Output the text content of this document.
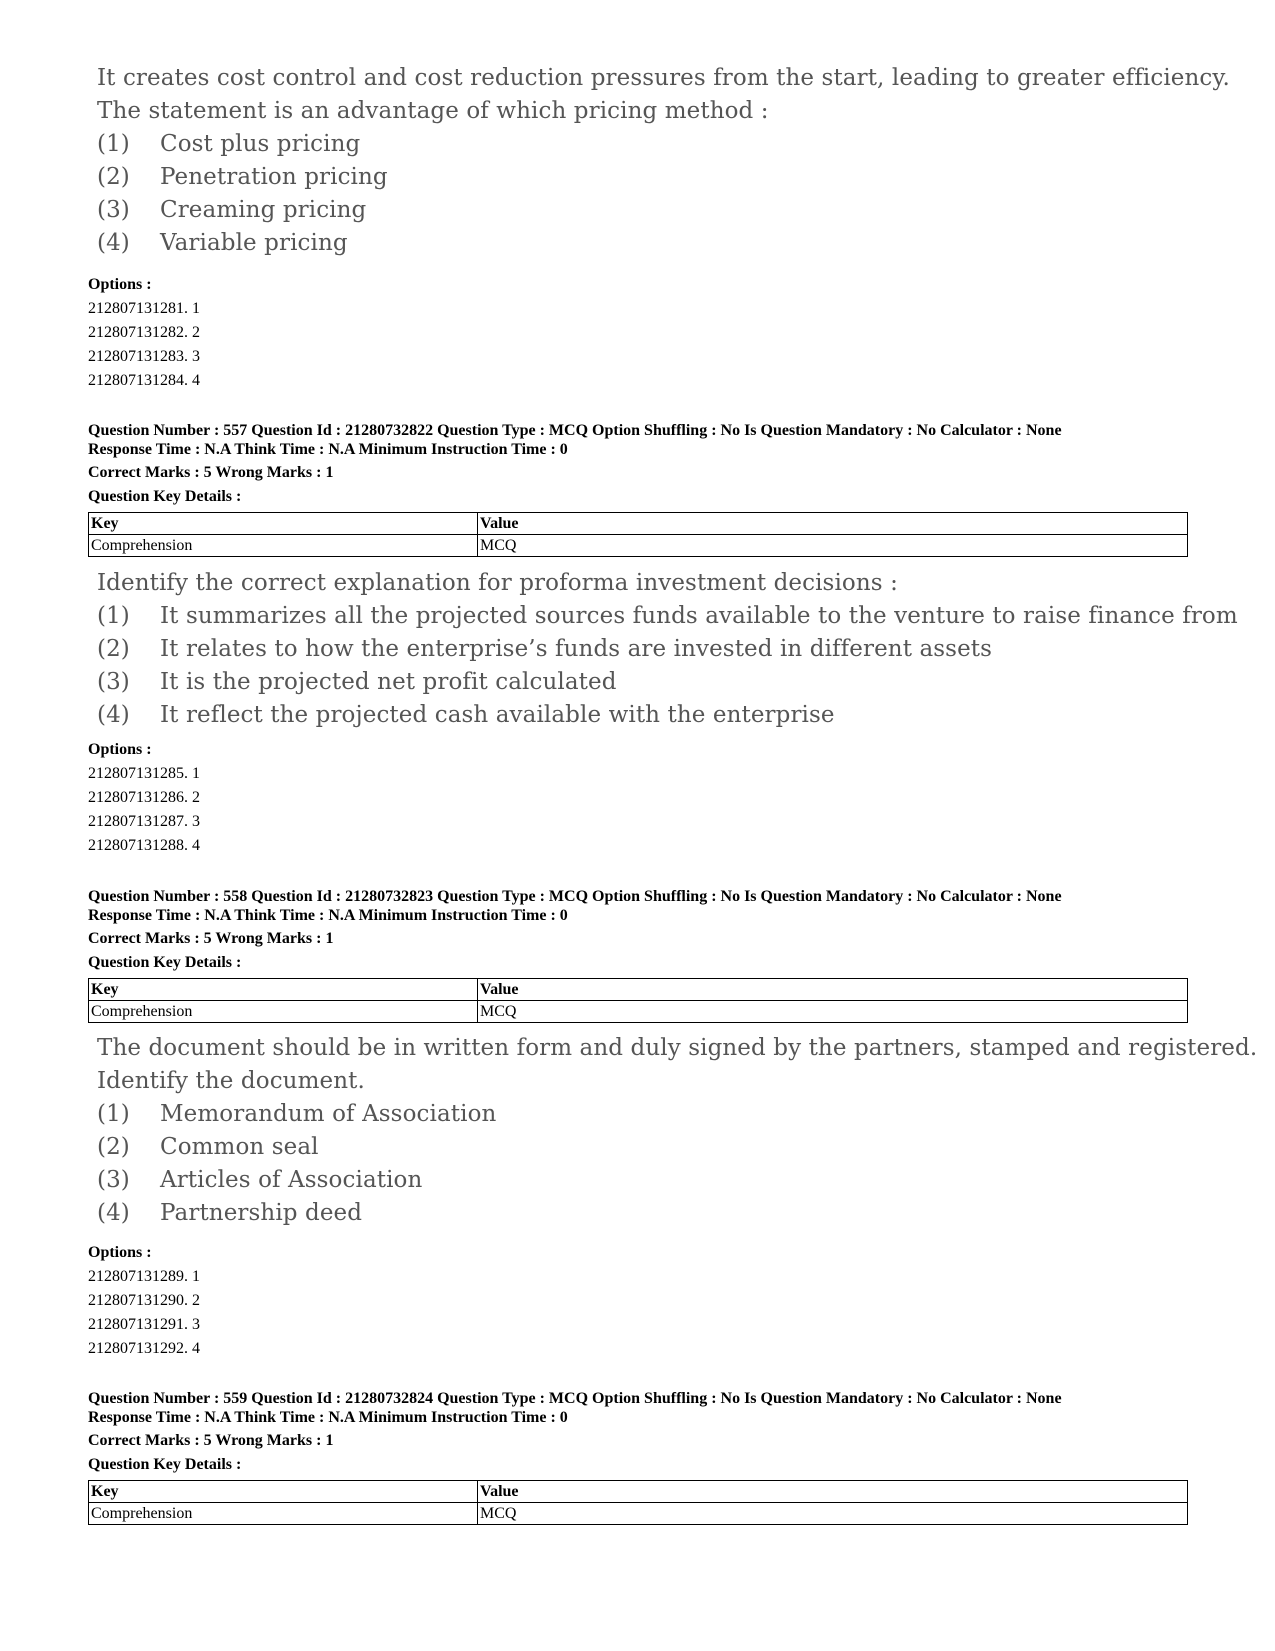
It creates cost control and cost reduction pressures from the start, leading to greater efficiency.
The statement is an advantage of which pricing method :
(1)	Cost plus pricing
(2)	Penetration pricing
(3)	Creaming pricing
(4)	Variable pricing
Options :
212807131281. 1
212807131282. 2
212807131283. 3
212807131284. 4
Question Number : 557 Question Id : 21280732822 Question Type : MCQ Option Shuffling : No Is Question Mandatory : No Calculator : None
Response Time : N.A Think Time : N.A Minimum Instruction Time : 0
Correct Marks : 5 Wrong Marks : 1
Question Key Details :
Key	Value
Comprehension	MCQ
Identify the correct explanation for proforma investment decisions :
(1)	It summarizes all the projected sources funds available to the venture to raise finance from
(2)	It relates to how the enterprise’s funds are invested in different assets
(3)	It is the projected net profit calculated
(4)	It reflect the projected cash available with the enterprise
Options :
212807131285. 1
212807131286. 2
212807131287. 3
212807131288. 4
Question Number : 558 Question Id : 21280732823 Question Type : MCQ Option Shuffling : No Is Question Mandatory : No Calculator : None
Response Time : N.A Think Time : N.A Minimum Instruction Time : 0
Correct Marks : 5 Wrong Marks : 1
Question Key Details :
Key	Value
Comprehension	MCQ
The document should be in written form and duly signed by the partners, stamped and registered.
Identify the document.
(1)	Memorandum of Association
(2)	Common seal
(3)	Articles of Association
(4)	Partnership deed
Options :
212807131289. 1
212807131290. 2
212807131291. 3
212807131292. 4
Question Number : 559 Question Id : 21280732824 Question Type : MCQ Option Shuffling : No Is Question Mandatory : No Calculator : None
Response Time : N.A Think Time : N.A Minimum Instruction Time : 0
Correct Marks : 5 Wrong Marks : 1
Question Key Details :
Key	Value
Comprehension	MCQ
